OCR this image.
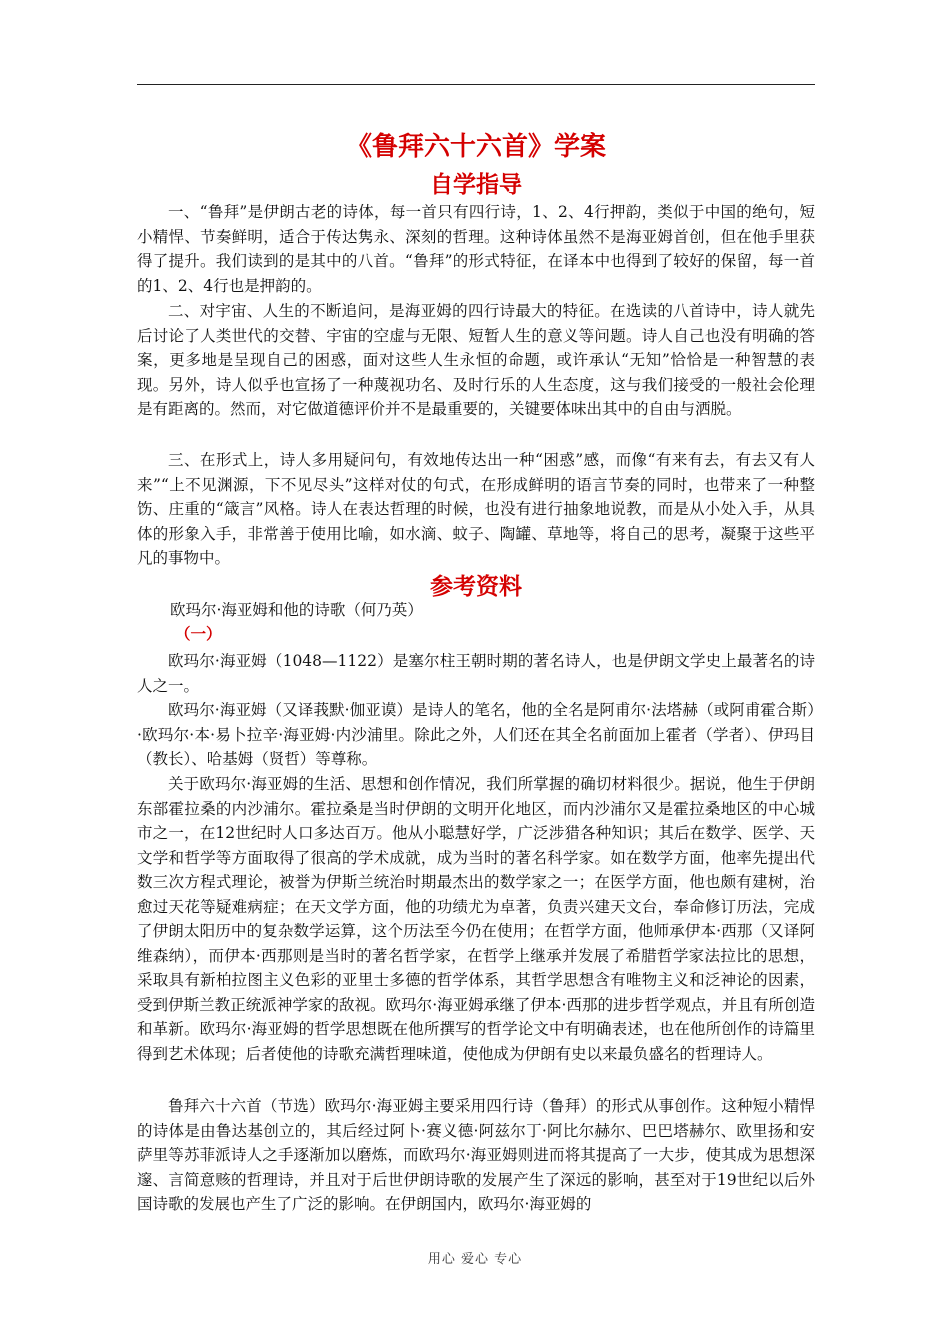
《鲁拜六十六首》学案
自学指导

一、“鲁拜”是伊朗古老的诗体，每一首只有四行诗，1、2、4行押韵，类似于中国的绝句，短小精悍、节奏鲜明，适合于传达隽永、深刻的哲理。这种诗体虽然不是海亚姆首创，但在他手里获得了提升。我们读到的是其中的八首。“鲁拜”的形式特征，在译本中也得到了较好的保留，每一首的1、2、4行也是押韵的。

二、对宇宙、人生的不断追问，是海亚姆的四行诗最大的特征。在选读的八首诗中，诗人就先后讨论了人类世代的交替、宇宙的空虚与无限、短暂人生的意义等问题。诗人自己也没有明确的答案，更多地是呈现自己的困惑，面对这些人生永恒的命题，或许承认“无知”恰恰是一种智慧的表现。另外，诗人似乎也宣扬了一种蔑视功名、及时行乐的人生态度，这与我们接受的一般社会伦理是有距离的。然而，对它做道德评价并不是最重要的，关键要体味出其中的自由与洒脱。

三、在形式上，诗人多用疑问句，有效地传达出一种“困惑”感，而像“有来有去，有去又有人来”“上不见渊源，下不见尽头”这样对仗的句式，在形成鲜明的语言节奏的同时，也带来了一种整饬、庄重的“箴言”风格。诗人在表达哲理的时候，也没有进行抽象地说教，而是从小处入手，从具体的形象入手，非常善于使用比喻，如水滴、蚊子、陶罐、草地等，将自己的思考，凝聚于这些平凡的事物中。

参考资料
欧玛尔·海亚姆和他的诗歌（何乃英）
（一）

欧玛尔·海亚姆（1048—1122）是塞尔柱王朝时期的著名诗人，也是伊朗文学史上最著名的诗人之一。

欧玛尔·海亚姆（又译莪默·伽亚谟）是诗人的笔名，他的全名是阿甫尔·法塔赫（或阿甫霍合斯）·欧玛尔·本·易卜拉辛·海亚姆·内沙浦里。除此之外，人们还在其全名前面加上霍者（学者）、伊玛目（教长）、哈基姆（贤哲）等尊称。

关于欧玛尔·海亚姆的生活、思想和创作情况，我们所掌握的确切材料很少。据说，他生于伊朗东部霍拉桑的内沙浦尔。霍拉桑是当时伊朗的文明开化地区，而内沙浦尔又是霍拉桑地区的中心城市之一，在12世纪时人口多达百万。他从小聪慧好学，广泛涉猎各种知识；其后在数学、医学、天文学和哲学等方面取得了很高的学术成就，成为当时的著名科学家。如在数学方面，他率先提出代数三次方程式理论，被誉为伊斯兰统治时期最杰出的数学家之一；在医学方面，他也颇有建树，治愈过天花等疑难病症；在天文学方面，他的功绩尤为卓著，负责兴建天文台，奉命修订历法，完成了伊朗太阳历中的复杂数学运算，这个历法至今仍在使用；在哲学方面，他师承伊本·西那（又译阿维森纳），而伊本·西那则是当时的著名哲学家，在哲学上继承并发展了希腊哲学家法拉比的思想，采取具有新柏拉图主义色彩的亚里士多德的哲学体系，其哲学思想含有唯物主义和泛神论的因素，受到伊斯兰教正统派神学家的敌视。欧玛尔·海亚姆承继了伊本·西那的进步哲学观点，并且有所创造和革新。欧玛尔·海亚姆的哲学思想既在他所撰写的哲学论文中有明确表述，也在他所创作的诗篇里得到艺术体现；后者使他的诗歌充满哲理味道，使他成为伊朗有史以来最负盛名的哲理诗人。

鲁拜六十六首（节选）欧玛尔·海亚姆主要采用四行诗（鲁拜）的形式从事创作。这种短小精悍的诗体是由鲁达基创立的，其后经过阿卜·赛义德·阿兹尔丁·阿比尔赫尔、巴巴塔赫尔、欧里扬和安萨里等苏菲派诗人之手逐渐加以磨炼，而欧玛尔·海亚姆则进而将其提高了一大步，使其成为思想深邃、言简意赅的哲理诗，并且对于后世伊朗诗歌的发展产生了深远的影响，甚至对于19世纪以后外国诗歌的发展也产生了广泛的影响。在伊朗国内，欧玛尔·海亚姆的

用心 爱心 专心
